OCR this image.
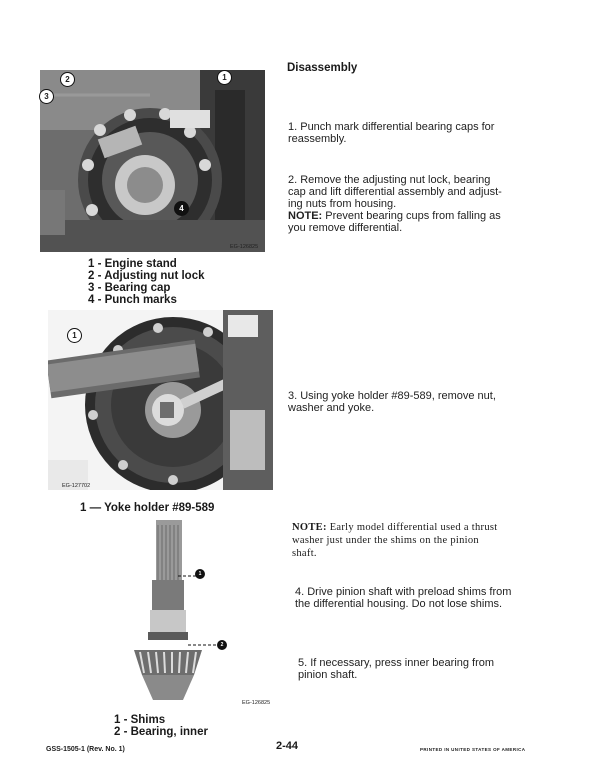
Disassembly
2	1
3
4
EG-126825
1 - Engine stand
2 - Adjusting nut lock
3 - Bearing cap
4 - Punch marks
1. Punch mark differential bearing caps for
reassembly.
2. Remove the adjusting nut lock, bearing
cap and lift differential assembly and adjust-
ing nuts from housing.
NOTE: Prevent bearing cups from falling as
you remove differential.
1
EG-127702
1 — Yoke holder #89-589
3. Using yoke holder #89-589, remove nut,
washer and yoke.
NOTE: Early model differential used a thrust
washer just under the shims on the pinion
shaft.
1
2
EG-126825
1 - Shims
2 - Bearing, inner
4. Drive pinion shaft with preload shims from
the differential housing. Do not lose shims.
5. If necessary, press inner bearing from
pinion shaft.
GSS-1505-1 (Rev. No. 1)	2-44	PRINTED IN UNITED STATES OF AMERICA
